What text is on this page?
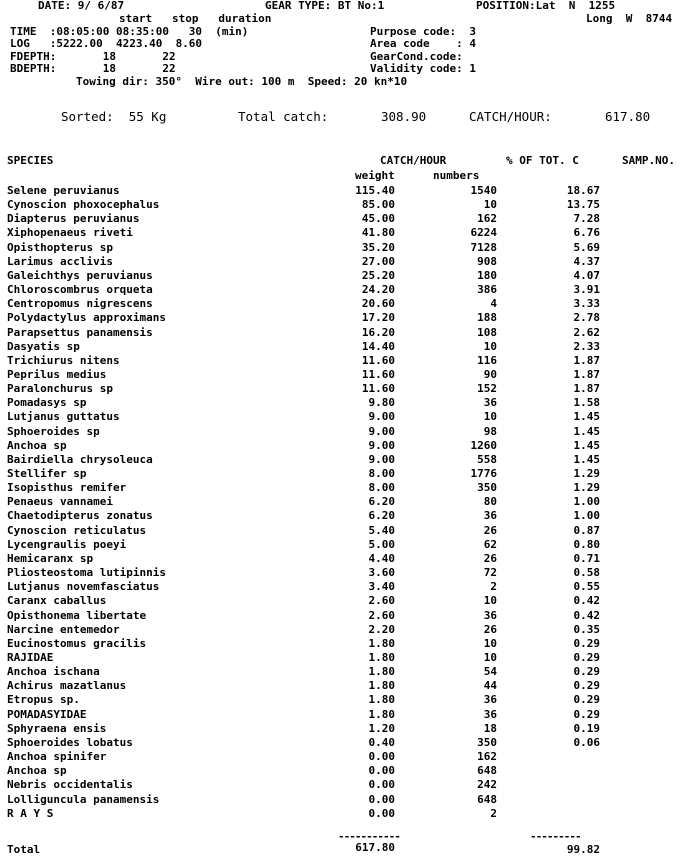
DATE: 9/ 6/87	GEAR TYPE: BT No:1	POSITION:Lat  N  1255
start   stop   duration	Long  W  8744
TIME  :08:05:00 08:35:00   30  (min)	Purpose code:  3
LOG   :5222.00  4223.40  8.60	Area code    : 4
FDEPTH:       18       22	GearCond.code:
BDEPTH:       18       22	Validity code: 1
Towing dir: 350°  Wire out: 100 m  Speed: 20 kn*10
Sorted:  55 Kg	Total catch:	308.90	CATCH/HOUR:	617.80
SPECIES	CATCH/HOUR	% OF TOT. C	SAMP.NO.
weight	numbers
Selene peruvianus	115.40	1540	18.67
Cynoscion phoxocephalus	85.00	10	13.75
Diapterus peruvianus	45.00	162	7.28
Xiphopenaeus riveti	41.80	6224	6.76
Opisthopterus sp	35.20	7128	5.69
Larimus acclivis	27.00	908	4.37
Galeichthys peruvianus	25.20	180	4.07
Chloroscombrus orqueta	24.20	386	3.91
Centropomus nigrescens	20.60	4	3.33
Polydactylus approximans	17.20	188	2.78
Parapsettus panamensis	16.20	108	2.62
Dasyatis sp	14.40	10	2.33
Trichiurus nitens	11.60	116	1.87
Peprilus medius	11.60	90	1.87
Paralonchurus sp	11.60	152	1.87
Pomadasys sp	9.80	36	1.58
Lutjanus guttatus	9.00	10	1.45
Sphoeroides sp	9.00	98	1.45
Anchoa sp	9.00	1260	1.45
Bairdiella chrysoleuca	9.00	558	1.45
Stellifer sp	8.00	1776	1.29
Isopisthus remifer	8.00	350	1.29
Penaeus vannamei	6.20	80	1.00
Chaetodipterus zonatus	6.20	36	1.00
Cynoscion reticulatus	5.40	26	0.87
Lycengraulis poeyi	5.00	62	0.80
Hemicaranx sp	4.40	26	0.71
Pliosteostoma lutipinnis	3.60	72	0.58
Lutjanus novemfasciatus	3.40	2	0.55
Caranx caballus	2.60	10	0.42
Opisthonema libertate	2.60	36	0.42
Narcine entemedor	2.20	26	0.35
Eucinostomus gracilis	1.80	10	0.29
RAJIDAE	1.80	10	0.29
Anchoa ischana	1.80	54	0.29
Achirus mazatlanus	1.80	44	0.29
Etropus sp.	1.80	36	0.29
POMADASYIDAE	1.80	36	0.29
Sphyraena ensis	1.20	18	0.19
Sphoeroides lobatus	0.40	350	0.06
Anchoa spinifer	0.00	162
Anchoa sp	0.00	648
Nebris occidentalis	0.00	242
Lolliguncula panamensis	0.00	648
R A Y S	0.00	2
-----------	---------
Total	617.80	99.82
